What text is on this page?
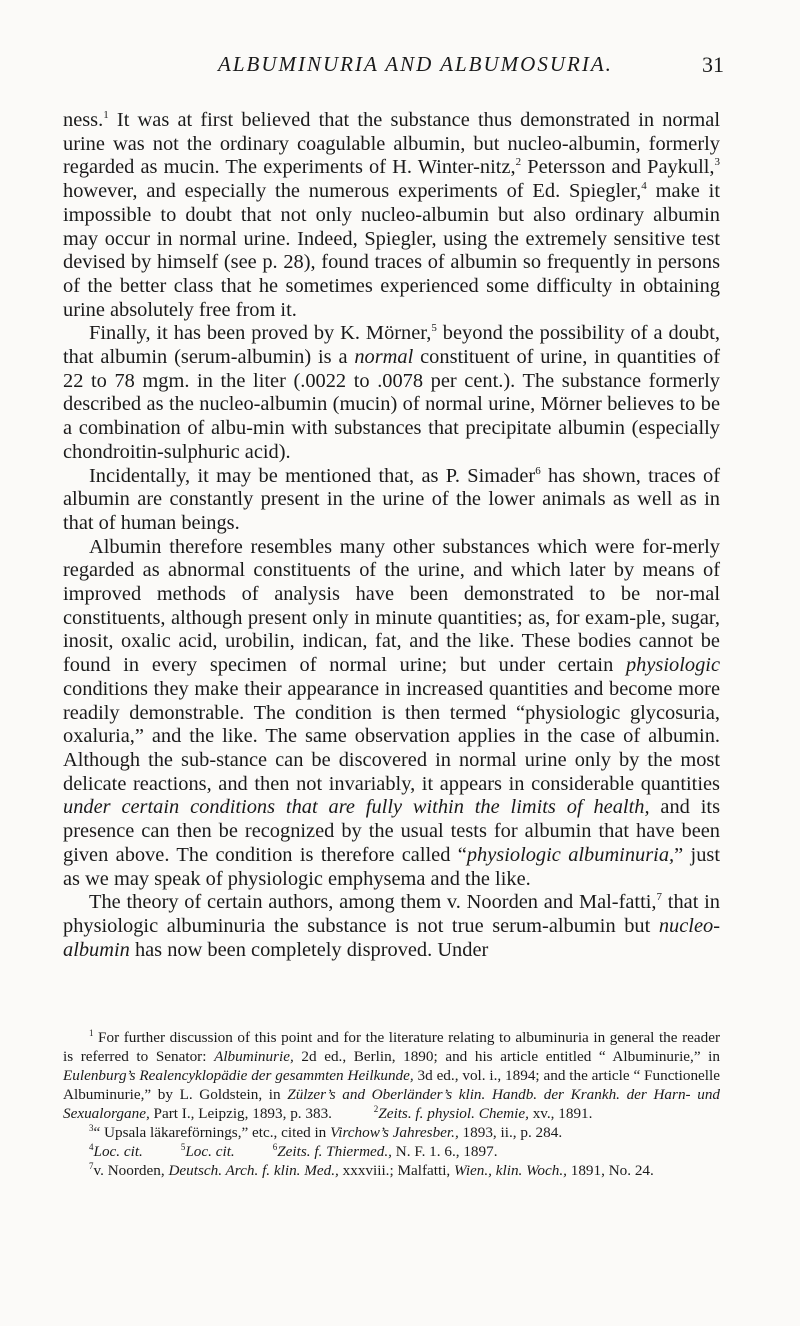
ALBUMINURIA AND ALBUMOSURIA.	31

ness.$^1$ It was at first believed that the substance thus demonstrated in normal urine was not the ordinary coagulable albumin, but nucleo-albumin, formerly regarded as mucin. The experiments of H. Winter-nitz,$^2$ Petersson and Paykull,$^3$ however, and especially the numerous experiments of Ed. Spiegler,$^4$ make it impossible to doubt that not only nucleo-albumin but also ordinary albumin may occur in normal urine. Indeed, Spiegler, using the extremely sensitive test devised by himself (see p. 28), found traces of albumin so frequently in persons of the better class that he sometimes experienced some difficulty in obtaining urine absolutely free from it.

Finally, it has been proved by K. Mörner,$^5$ beyond the possibility of a doubt, that albumin (serum-albumin) is a normal constituent of urine, in quantities of 22 to 78 mgm. in the liter (.0022 to .0078 per cent.). The substance formerly described as the nucleo-albumin (mucin) of normal urine, Mörner believes to be a combination of albu-min with substances that precipitate albumin (especially chondroitin-sulphuric acid).

Incidentally, it may be mentioned that, as P. Simader$^6$ has shown, traces of albumin are constantly present in the urine of the lower animals as well as in that of human beings.

Albumin therefore resembles many other substances which were for-merly regarded as abnormal constituents of the urine, and which later by means of improved methods of analysis have been demonstrated to be nor-mal constituents, although present only in minute quantities; as, for exam-ple, sugar, inosit, oxalic acid, urobilin, indican, fat, and the like. These bodies cannot be found in every specimen of normal urine; but under certain physiologic conditions they make their appearance in increased quantities and become more readily demonstrable. The condition is then termed “physiologic glycosuria, oxaluria,” and the like. The same observation applies in the case of albumin. Although the sub-stance can be discovered in normal urine only by the most delicate reactions, and then not invariably, it appears in considerable quantities under certain conditions that are fully within the limits of health, and its presence can then be recognized by the usual tests for albumin that have been given above. The condition is therefore called “physiologic albuminuria,” just as we may speak of physiologic emphysema and the like.

The theory of certain authors, among them v. Noorden and Mal-fatti,$^7$ that in physiologic albuminuria the substance is not true serum-albumin but nucleo-albumin has now been completely disproved. Under

$^1$ For further discussion of this point and for the literature relating to albuminuria in general the reader is referred to Senator: Albuminurie, 2d ed., Berlin, 1890; and his article entitled “ Albuminurie,” in Eulenburg’s Realencyklopädie der gesammten Heilkunde, 3d ed., vol. i., 1894; and the article “ Functionelle Albuminurie,” by L. Goldstein, in Zülzer’s and Oberländer’s klin. Handb. der Krankh. der Harn- und Sexualorgane, Part I., Leipzig, 1893, p. 383.	$^2$Zeits. f. physiol. Chemie, xv., 1891.

$^3$“ Upsala läkareförnings,” etc., cited in Virchow’s Jahresber., 1893, ii., p. 284.

$^4$Loc. cit.	$^5$Loc. cit.	$^6$Zeits. f. Thiermed., N. F. 1. 6., 1897.

$^7$v. Noorden, Deutsch. Arch. f. klin. Med., xxxviii.; Malfatti, Wien., klin. Woch., 1891, No. 24.
